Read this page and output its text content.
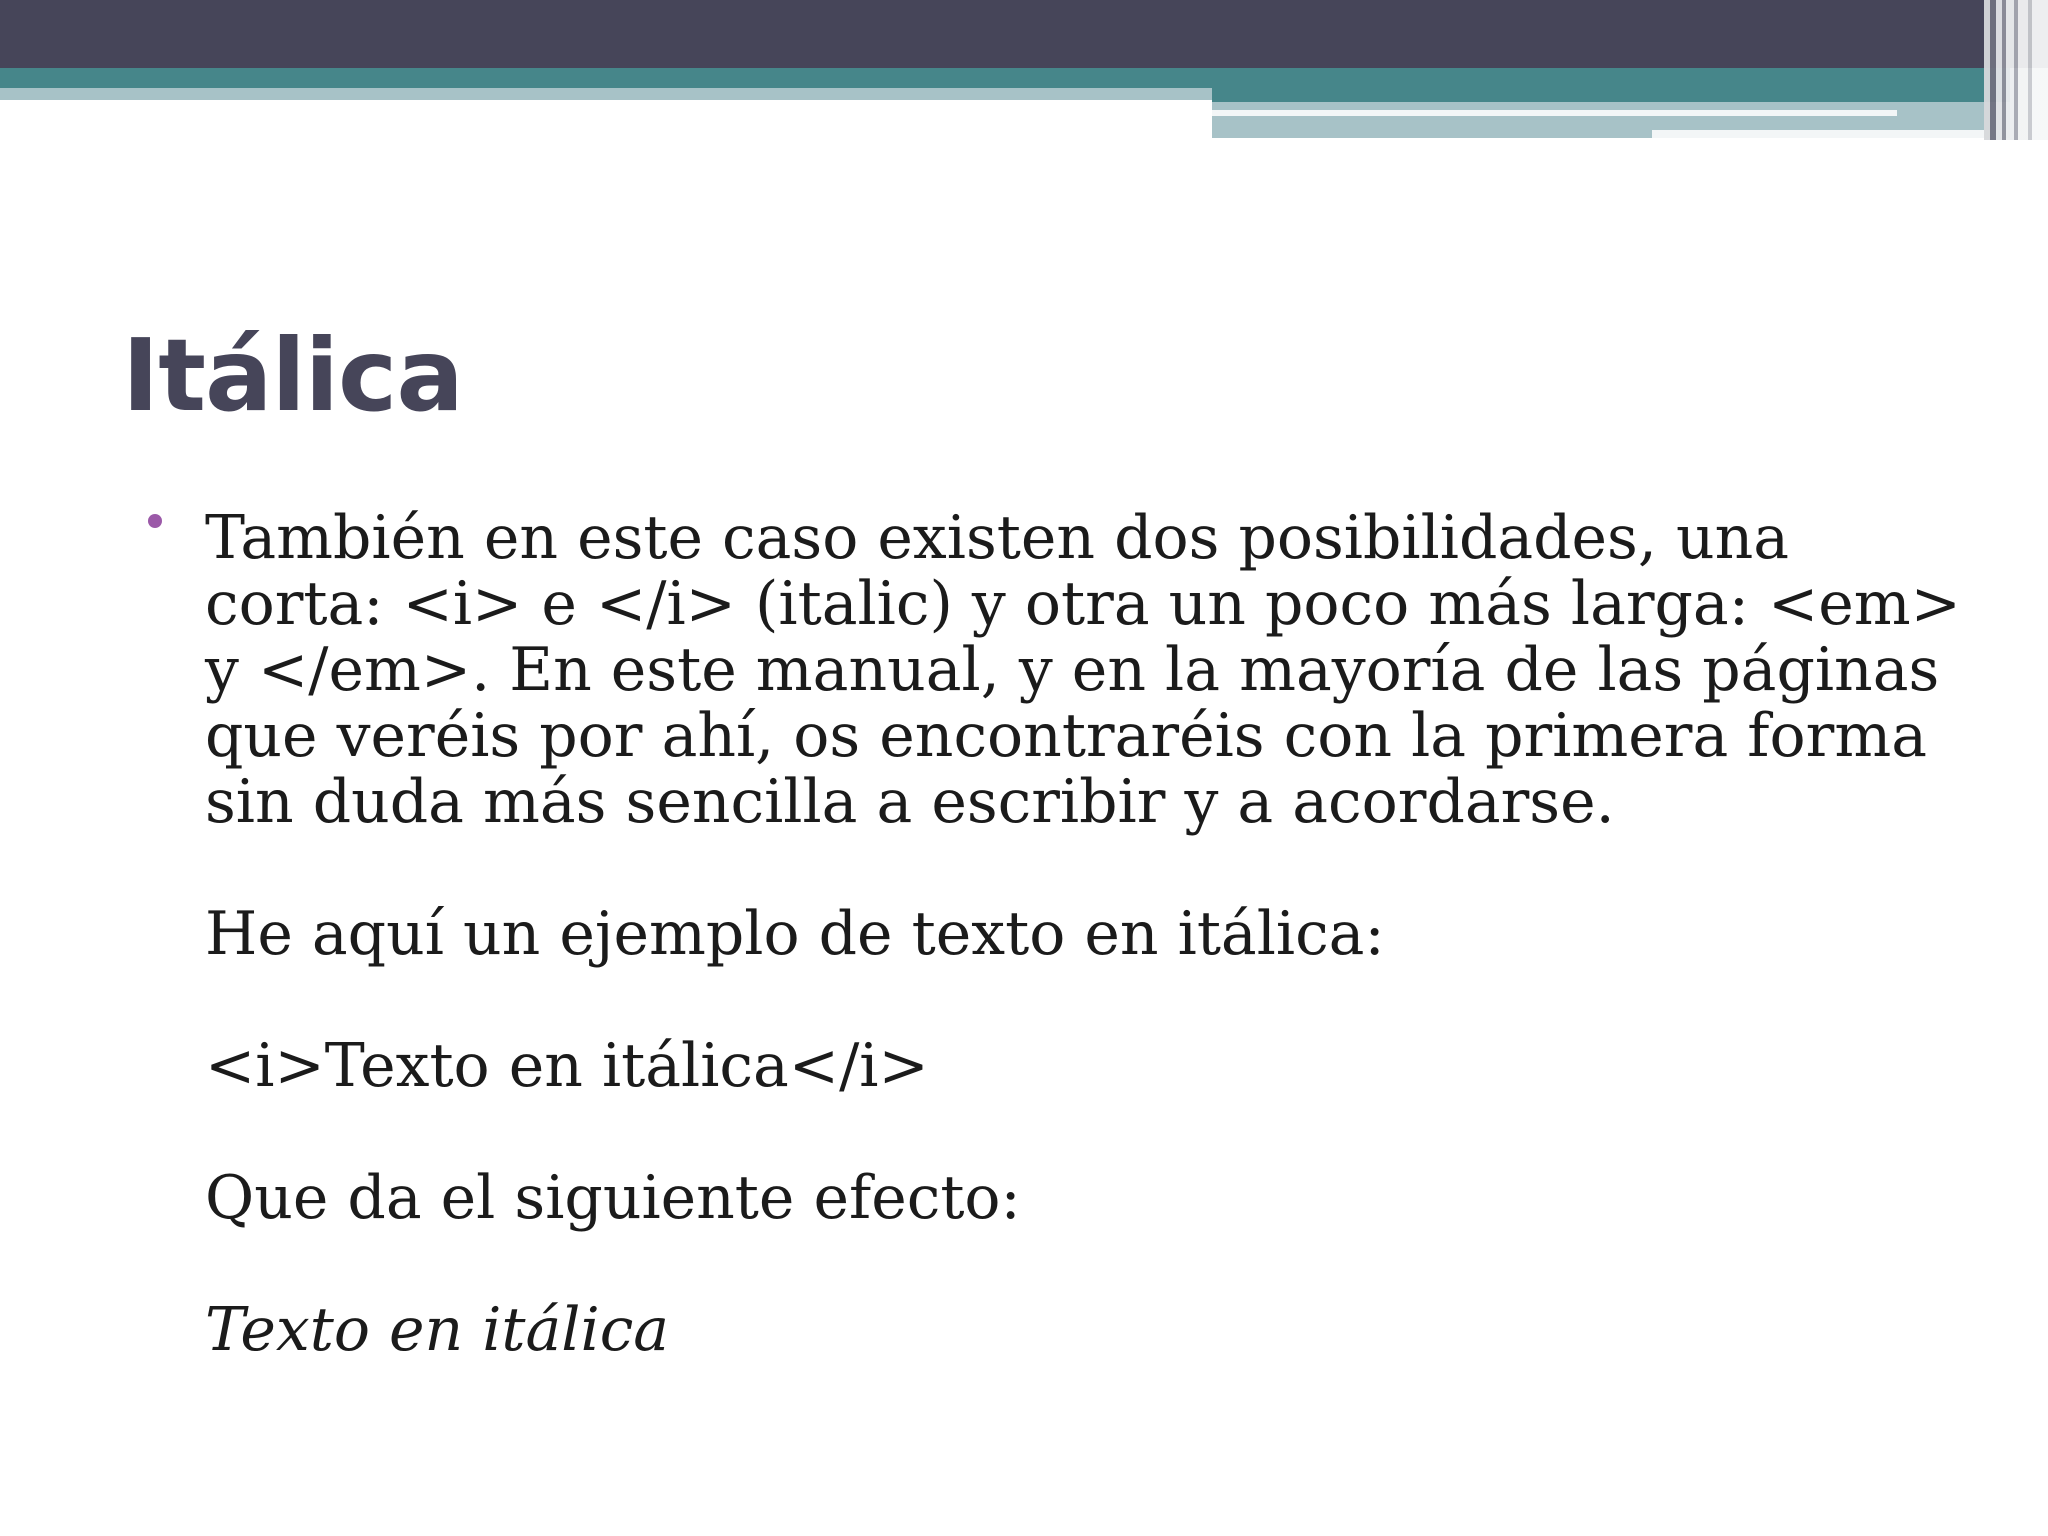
Itálica

También en este caso existen dos posibilidades, una
corta: <i> e </i> (italic) y otra un poco más larga: <em>
y </em>. En este manual, y en la mayoría de las páginas
que veréis por ahí, os encontraréis con la primera forma
sin duda más sencilla a escribir y a acordarse.

He aquí un ejemplo de texto en itálica:

<i>Texto en itálica</i>

Que da el siguiente efecto:

Texto en itálica
